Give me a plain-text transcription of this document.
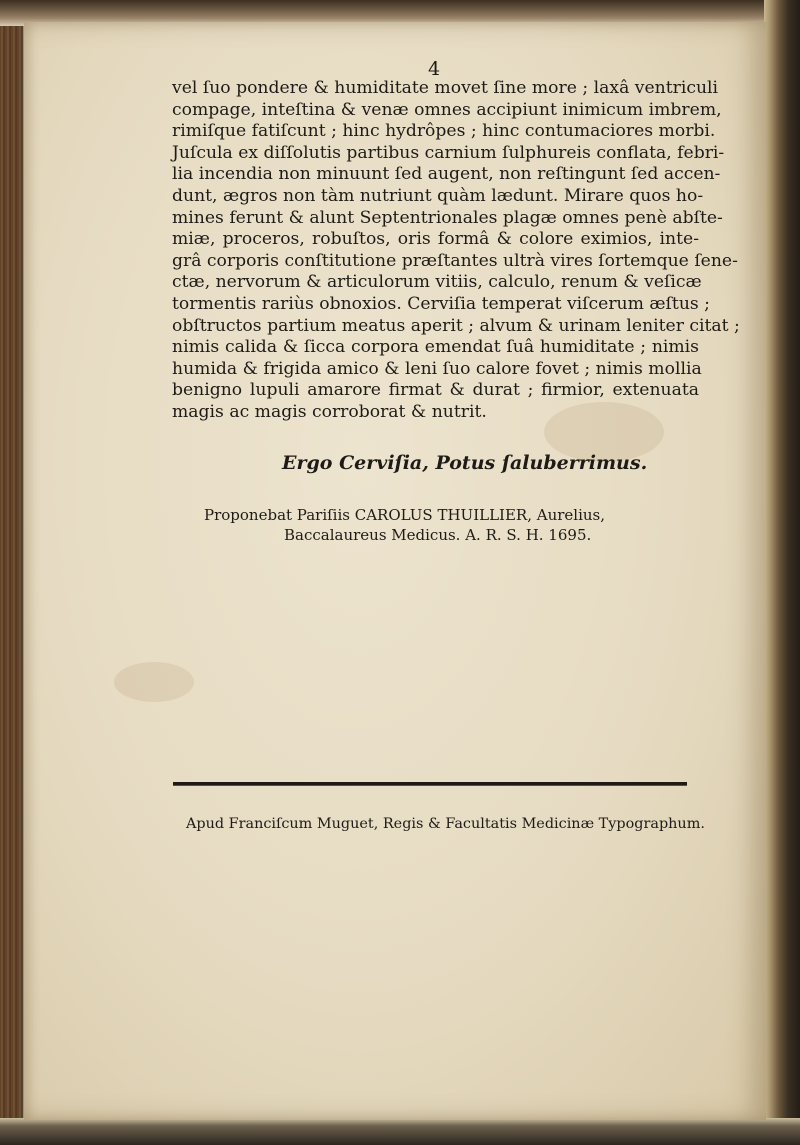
4
vel ſuo pondere & humiditate movet ſine more ; laxâ ventriculi
compage, inteſtina & venæ omnes accipiunt inimicum imbrem,
rimiſque fatiſcunt ; hinc hydrôpes ; hinc contumaciores morbi.
Juſcula ex diſſolutis partibus carnium ſulphureis conflata, febri-
lia incendia non minuunt ſed augent, non reſtingunt ſed accen-
dunt, ægros non tàm nutriunt quàm lædunt. Mirare quos ho-
mines ferunt & alunt Septentrionales plagæ omnes penè abſte-
miæ, proceros, robuſtos, oris formâ & colore eximios, inte-
grâ corporis conſtitutione præſtantes ultrà vires ſortemque ſene-
ctæ, nervorum & articulorum vitiis, calculo, renum & veſicæ
tormentis rariùs obnoxios. Cerviſia temperat viſcerum æſtus ;
obſtructos partium meatus aperit ; alvum & urinam leniter citat ;
nimis calida & ſicca corpora emendat ſuâ humiditate ; nimis
humida & frigida amico & leni ſuo calore fovet ; nimis mollia
benigno lupuli amarore firmat & durat ; firmior, extenuata
magis ac magis corroborat & nutrit.
Ergo Cerviſia, Potus ſaluberrimus.
Proponebat Pariſiis CAROLUS THUILLIER, Aurelius,
Baccalaureus Medicus. A. R. S. H. 1695.
Apud Franciſcum Muguet, Regis & Facultatis Medicinæ Typographum.
